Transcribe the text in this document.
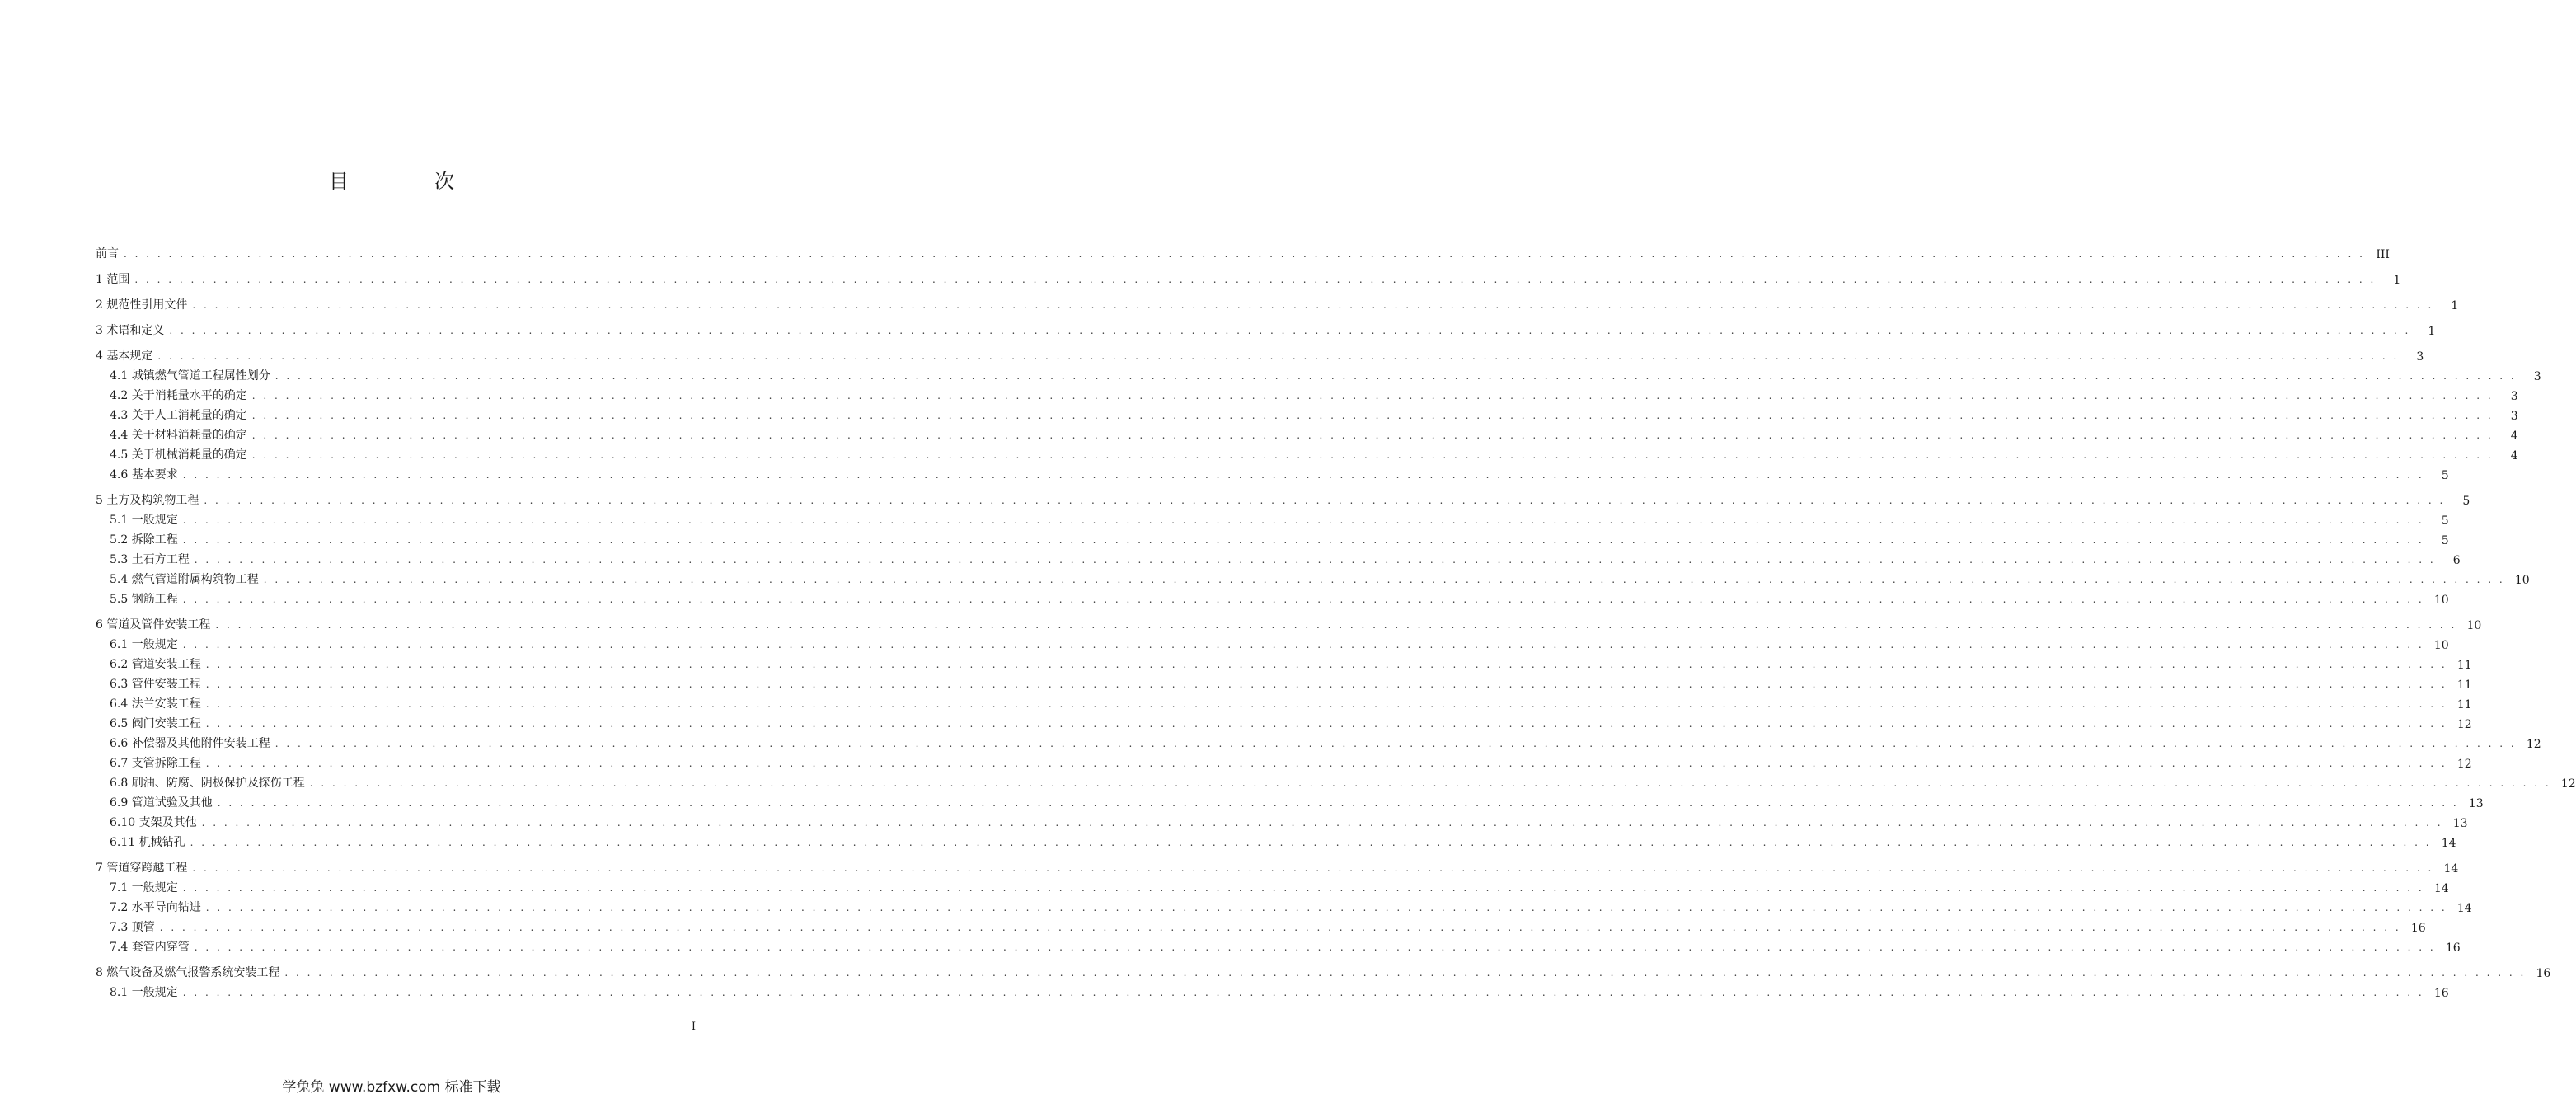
目　次
前言 . . . . . . . . . . . . . . . . . . . . . . . . . . . . . . . . . . . . . . . . . . . . . . . . . . . . . . . . . . . . . . . . . . . . . . . . . . . . . . . . . . . . . . . . . . . . . . . . . . . . . . . . . . . . . . . . . . . . . . . . . . . . . . . . . . . . . . . . . . . . . . . . . . . . . . . . . . . . . . . . . . . . . . . . . . . . . . . . . . . . . . . . . . . . . . . . . . . . . . . . III
1 范围 . . . . . . . . . . . . . . . . . . . . . . . . . . . . . . . . . . . . . . . . . . . . . . . . . . . . . . . . . . . . . . . . . . . . . . . . . . . . . . . . . . . . . . . . . . . . . . . . . . . . . . . . . . . . . . . . . . . . . . . . . . . . . . . . . . . . . . . . . . . . . . . . . . . . . . . . . . . . . . . . . . . . . . . . . . . . . . . . . . . . . . . . . . . . . . . . . . . . . . . .	1
2 规范性引用文件 . . . . . . . . . . . . . . . . . . . . . . . . . . . . . . . . . . . . . . . . . . . . . . . . . . . . . . . . . . . . . . . . . . . . . . . . . . . . . . . . . . . . . . . . . . . . . . . . . . . . . . . . . . . . . . . . . . . . . . . . . . . . . . . . . . . . . . . . . . . . . . . . . . . . . . . . . . . . . . . . . . . . . . . . . . . . . . . . . . . . . . . . . . . . . . . . . . . . . . . .	1
3 术语和定义 . . . . . . . . . . . . . . . . . . . . . . . . . . . . . . . . . . . . . . . . . . . . . . . . . . . . . . . . . . . . . . . . . . . . . . . . . . . . . . . . . . . . . . . . . . . . . . . . . . . . . . . . . . . . . . . . . . . . . . . . . . . . . . . . . . . . . . . . . . . . . . . . . . . . . . . . . . . . . . . . . . . . . . . . . . . . . . . . . . . . . . . . . . . . . . . . . . . . . . . .	1
4 基本规定 . . . . . . . . . . . . . . . . . . . . . . . . . . . . . . . . . . . . . . . . . . . . . . . . . . . . . . . . . . . . . . . . . . . . . . . . . . . . . . . . . . . . . . . . . . . . . . . . . . . . . . . . . . . . . . . . . . . . . . . . . . . . . . . . . . . . . . . . . . . . . . . . . . . . . . . . . . . . . . . . . . . . . . . . . . . . . . . . . . . . . . . . . . . . . . . . . . . . . . . .	3
4.1 城镇燃气管道工程属性划分 . . . . . . . . . . . . . . . . . . . . . . . . . . . . . . . . . . . . . . . . . . . . . . . . . . . . . . . . . . . . . . . . . . . . . . . . . . . . . . . . . . . . . . . . . . . . . . . . . . . . . . . . . . . . . . . . . . . . . . . . . . . . . . . . . . . . . . . . . . . . . . . . . . . . . . . . . . . . . . . . . . . . . . . . . . . . . . . . . . . . . . . . . . . . . . . . . . . . . . . .	3
4.2 关于消耗量水平的确定 . . . . . . . . . . . . . . . . . . . . . . . . . . . . . . . . . . . . . . . . . . . . . . . . . . . . . . . . . . . . . . . . . . . . . . . . . . . . . . . . . . . . . . . . . . . . . . . . . . . . . . . . . . . . . . . . . . . . . . . . . . . . . . . . . . . . . . . . . . . . . . . . . . . . . . . . . . . . . . . . . . . . . . . . . . . . . . . . . . . . . . . . . . . . . . . . . . . . . . . .	3
4.3 关于人工消耗量的确定 . . . . . . . . . . . . . . . . . . . . . . . . . . . . . . . . . . . . . . . . . . . . . . . . . . . . . . . . . . . . . . . . . . . . . . . . . . . . . . . . . . . . . . . . . . . . . . . . . . . . . . . . . . . . . . . . . . . . . . . . . . . . . . . . . . . . . . . . . . . . . . . . . . . . . . . . . . . . . . . . . . . . . . . . . . . . . . . . . . . . . . . . . . . . . . . . . . . . . . . .	3
4.4 关于材料消耗量的确定 . . . . . . . . . . . . . . . . . . . . . . . . . . . . . . . . . . . . . . . . . . . . . . . . . . . . . . . . . . . . . . . . . . . . . . . . . . . . . . . . . . . . . . . . . . . . . . . . . . . . . . . . . . . . . . . . . . . . . . . . . . . . . . . . . . . . . . . . . . . . . . . . . . . . . . . . . . . . . . . . . . . . . . . . . . . . . . . . . . . . . . . . . . . . . . . . . . . . . . . .	4
4.5 关于机械消耗量的确定 . . . . . . . . . . . . . . . . . . . . . . . . . . . . . . . . . . . . . . . . . . . . . . . . . . . . . . . . . . . . . . . . . . . . . . . . . . . . . . . . . . . . . . . . . . . . . . . . . . . . . . . . . . . . . . . . . . . . . . . . . . . . . . . . . . . . . . . . . . . . . . . . . . . . . . . . . . . . . . . . . . . . . . . . . . . . . . . . . . . . . . . . . . . . . . . . . . . . . . . .	4
4.6 基本要求 . . . . . . . . . . . . . . . . . . . . . . . . . . . . . . . . . . . . . . . . . . . . . . . . . . . . . . . . . . . . . . . . . . . . . . . . . . . . . . . . . . . . . . . . . . . . . . . . . . . . . . . . . . . . . . . . . . . . . . . . . . . . . . . . . . . . . . . . . . . . . . . . . . . . . . . . . . . . . . . . . . . . . . . . . . . . . . . . . . . . . . . . . . . . . . . . . . . . . . . .	5
5 土方及构筑物工程 . . . . . . . . . . . . . . . . . . . . . . . . . . . . . . . . . . . . . . . . . . . . . . . . . . . . . . . . . . . . . . . . . . . . . . . . . . . . . . . . . . . . . . . . . . . . . . . . . . . . . . . . . . . . . . . . . . . . . . . . . . . . . . . . . . . . . . . . . . . . . . . . . . . . . . . . . . . . . . . . . . . . . . . . . . . . . . . . . . . . . . . . . . . . . . . . . . . . . . . .	5
5.1 一般规定 . . . . . . . . . . . . . . . . . . . . . . . . . . . . . . . . . . . . . . . . . . . . . . . . . . . . . . . . . . . . . . . . . . . . . . . . . . . . . . . . . . . . . . . . . . . . . . . . . . . . . . . . . . . . . . . . . . . . . . . . . . . . . . . . . . . . . . . . . . . . . . . . . . . . . . . . . . . . . . . . . . . . . . . . . . . . . . . . . . . . . . . . . . . . . . . . . . . . . . . .	5
5.2 拆除工程 . . . . . . . . . . . . . . . . . . . . . . . . . . . . . . . . . . . . . . . . . . . . . . . . . . . . . . . . . . . . . . . . . . . . . . . . . . . . . . . . . . . . . . . . . . . . . . . . . . . . . . . . . . . . . . . . . . . . . . . . . . . . . . . . . . . . . . . . . . . . . . . . . . . . . . . . . . . . . . . . . . . . . . . . . . . . . . . . . . . . . . . . . . . . . . . . . . . . . . . .	5
5.3 土石方工程 . . . . . . . . . . . . . . . . . . . . . . . . . . . . . . . . . . . . . . . . . . . . . . . . . . . . . . . . . . . . . . . . . . . . . . . . . . . . . . . . . . . . . . . . . . . . . . . . . . . . . . . . . . . . . . . . . . . . . . . . . . . . . . . . . . . . . . . . . . . . . . . . . . . . . . . . . . . . . . . . . . . . . . . . . . . . . . . . . . . . . . . . . . . . . . . . . . . . . . . .	6
5.4 燃气管道附属构筑物工程 . . . . . . . . . . . . . . . . . . . . . . . . . . . . . . . . . . . . . . . . . . . . . . . . . . . . . . . . . . . . . . . . . . . . . . . . . . . . . . . . . . . . . . . . . . . . . . . . . . . . . . . . . . . . . . . . . . . . . . . . . . . . . . . . . . . . . . . . . . . . . . . . . . . . . . . . . . . . . . . . . . . . . . . . . . . . . . . . . . . . . . . . . . . . . . . . . . . . . . . . 10
5.5 钢筋工程 . . . . . . . . . . . . . . . . . . . . . . . . . . . . . . . . . . . . . . . . . . . . . . . . . . . . . . . . . . . . . . . . . . . . . . . . . . . . . . . . . . . . . . . . . . . . . . . . . . . . . . . . . . . . . . . . . . . . . . . . . . . . . . . . . . . . . . . . . . . . . . . . . . . . . . . . . . . . . . . . . . . . . . . . . . . . . . . . . . . . . . . . . . . . . . . . . . . . . . . . 10
6 管道及管件安装工程 . . . . . . . . . . . . . . . . . . . . . . . . . . . . . . . . . . . . . . . . . . . . . . . . . . . . . . . . . . . . . . . . . . . . . . . . . . . . . . . . . . . . . . . . . . . . . . . . . . . . . . . . . . . . . . . . . . . . . . . . . . . . . . . . . . . . . . . . . . . . . . . . . . . . . . . . . . . . . . . . . . . . . . . . . . . . . . . . . . . . . . . . . . . . . . . . . . . . . . . . 10
6.1 一般规定 . . . . . . . . . . . . . . . . . . . . . . . . . . . . . . . . . . . . . . . . . . . . . . . . . . . . . . . . . . . . . . . . . . . . . . . . . . . . . . . . . . . . . . . . . . . . . . . . . . . . . . . . . . . . . . . . . . . . . . . . . . . . . . . . . . . . . . . . . . . . . . . . . . . . . . . . . . . . . . . . . . . . . . . . . . . . . . . . . . . . . . . . . . . . . . . . . . . . . . . . 10
6.2 管道安装工程 . . . . . . . . . . . . . . . . . . . . . . . . . . . . . . . . . . . . . . . . . . . . . . . . . . . . . . . . . . . . . . . . . . . . . . . . . . . . . . . . . . . . . . . . . . . . . . . . . . . . . . . . . . . . . . . . . . . . . . . . . . . . . . . . . . . . . . . . . . . . . . . . . . . . . . . . . . . . . . . . . . . . . . . . . . . . . . . . . . . . . . . . . . . . . . . . . . . . . . . . 11
6.3 管件安装工程 . . . . . . . . . . . . . . . . . . . . . . . . . . . . . . . . . . . . . . . . . . . . . . . . . . . . . . . . . . . . . . . . . . . . . . . . . . . . . . . . . . . . . . . . . . . . . . . . . . . . . . . . . . . . . . . . . . . . . . . . . . . . . . . . . . . . . . . . . . . . . . . . . . . . . . . . . . . . . . . . . . . . . . . . . . . . . . . . . . . . . . . . . . . . . . . . . . . . . . . . 11
6.4 法兰安装工程 . . . . . . . . . . . . . . . . . . . . . . . . . . . . . . . . . . . . . . . . . . . . . . . . . . . . . . . . . . . . . . . . . . . . . . . . . . . . . . . . . . . . . . . . . . . . . . . . . . . . . . . . . . . . . . . . . . . . . . . . . . . . . . . . . . . . . . . . . . . . . . . . . . . . . . . . . . . . . . . . . . . . . . . . . . . . . . . . . . . . . . . . . . . . . . . . . . . . . . . . 11
6.5 阀门安装工程 . . . . . . . . . . . . . . . . . . . . . . . . . . . . . . . . . . . . . . . . . . . . . . . . . . . . . . . . . . . . . . . . . . . . . . . . . . . . . . . . . . . . . . . . . . . . . . . . . . . . . . . . . . . . . . . . . . . . . . . . . . . . . . . . . . . . . . . . . . . . . . . . . . . . . . . . . . . . . . . . . . . . . . . . . . . . . . . . . . . . . . . . . . . . . . . . . . . . . . . . 12
6.6 补偿器及其他附件安装工程 . . . . . . . . . . . . . . . . . . . . . . . . . . . . . . . . . . . . . . . . . . . . . . . . . . . . . . . . . . . . . . . . . . . . . . . . . . . . . . . . . . . . . . . . . . . . . . . . . . . . . . . . . . . . . . . . . . . . . . . . . . . . . . . . . . . . . . . . . . . . . . . . . . . . . . . . . . . . . . . . . . . . . . . . . . . . . . . . . . . . . . . . . . . . . . . . . . . . . . . . 12
6.7 支管拆除工程 . . . . . . . . . . . . . . . . . . . . . . . . . . . . . . . . . . . . . . . . . . . . . . . . . . . . . . . . . . . . . . . . . . . . . . . . . . . . . . . . . . . . . . . . . . . . . . . . . . . . . . . . . . . . . . . . . . . . . . . . . . . . . . . . . . . . . . . . . . . . . . . . . . . . . . . . . . . . . . . . . . . . . . . . . . . . . . . . . . . . . . . . . . . . . . . . . . . . . . . . 12
6.8 刷油、防腐、阴极保护及探伤工程 . . . . . . . . . . . . . . . . . . . . . . . . . . . . . . . . . . . . . . . . . . . . . . . . . . . . . . . . . . . . . . . . . . . . . . . . . . . . . . . . . . . . . . . . . . . . . . . . . . . . . . . . . . . . . . . . . . . . . . . . . . . . . . . . . . . . . . . . . . . . . . . . . . . . . . . . . . . . . . . . . . . . . . . . . . . . . . . . . . . . . . . . . . . . . . . . . . . . . . . . 12
6.9 管道试验及其他 . . . . . . . . . . . . . . . . . . . . . . . . . . . . . . . . . . . . . . . . . . . . . . . . . . . . . . . . . . . . . . . . . . . . . . . . . . . . . . . . . . . . . . . . . . . . . . . . . . . . . . . . . . . . . . . . . . . . . . . . . . . . . . . . . . . . . . . . . . . . . . . . . . . . . . . . . . . . . . . . . . . . . . . . . . . . . . . . . . . . . . . . . . . . . . . . . . . . . . . . 13
6.10 支架及其他 . . . . . . . . . . . . . . . . . . . . . . . . . . . . . . . . . . . . . . . . . . . . . . . . . . . . . . . . . . . . . . . . . . . . . . . . . . . . . . . . . . . . . . . . . . . . . . . . . . . . . . . . . . . . . . . . . . . . . . . . . . . . . . . . . . . . . . . . . . . . . . . . . . . . . . . . . . . . . . . . . . . . . . . . . . . . . . . . . . . . . . . . . . . . . . . . . . . . . . . . 13
6.11 机械钻孔 . . . . . . . . . . . . . . . . . . . . . . . . . . . . . . . . . . . . . . . . . . . . . . . . . . . . . . . . . . . . . . . . . . . . . . . . . . . . . . . . . . . . . . . . . . . . . . . . . . . . . . . . . . . . . . . . . . . . . . . . . . . . . . . . . . . . . . . . . . . . . . . . . . . . . . . . . . . . . . . . . . . . . . . . . . . . . . . . . . . . . . . . . . . . . . . . . . . . . . . . 14
7 管道穿跨越工程 . . . . . . . . . . . . . . . . . . . . . . . . . . . . . . . . . . . . . . . . . . . . . . . . . . . . . . . . . . . . . . . . . . . . . . . . . . . . . . . . . . . . . . . . . . . . . . . . . . . . . . . . . . . . . . . . . . . . . . . . . . . . . . . . . . . . . . . . . . . . . . . . . . . . . . . . . . . . . . . . . . . . . . . . . . . . . . . . . . . . . . . . . . . . . . . . . . . . . . . . 14
7.1 一般规定 . . . . . . . . . . . . . . . . . . . . . . . . . . . . . . . . . . . . . . . . . . . . . . . . . . . . . . . . . . . . . . . . . . . . . . . . . . . . . . . . . . . . . . . . . . . . . . . . . . . . . . . . . . . . . . . . . . . . . . . . . . . . . . . . . . . . . . . . . . . . . . . . . . . . . . . . . . . . . . . . . . . . . . . . . . . . . . . . . . . . . . . . . . . . . . . . . . . . . . . . 14
7.2 水平导向钻进 . . . . . . . . . . . . . . . . . . . . . . . . . . . . . . . . . . . . . . . . . . . . . . . . . . . . . . . . . . . . . . . . . . . . . . . . . . . . . . . . . . . . . . . . . . . . . . . . . . . . . . . . . . . . . . . . . . . . . . . . . . . . . . . . . . . . . . . . . . . . . . . . . . . . . . . . . . . . . . . . . . . . . . . . . . . . . . . . . . . . . . . . . . . . . . . . . . . . . . . . 14
7.3 顶管 . . . . . . . . . . . . . . . . . . . . . . . . . . . . . . . . . . . . . . . . . . . . . . . . . . . . . . . . . . . . . . . . . . . . . . . . . . . . . . . . . . . . . . . . . . . . . . . . . . . . . . . . . . . . . . . . . . . . . . . . . . . . . . . . . . . . . . . . . . . . . . . . . . . . . . . . . . . . . . . . . . . . . . . . . . . . . . . . . . . . . . . . . . . . . . . . . . . . . . . . 16
7.4 套管内穿管 . . . . . . . . . . . . . . . . . . . . . . . . . . . . . . . . . . . . . . . . . . . . . . . . . . . . . . . . . . . . . . . . . . . . . . . . . . . . . . . . . . . . . . . . . . . . . . . . . . . . . . . . . . . . . . . . . . . . . . . . . . . . . . . . . . . . . . . . . . . . . . . . . . . . . . . . . . . . . . . . . . . . . . . . . . . . . . . . . . . . . . . . . . . . . . . . . . . . . . . . 16
8 燃气设备及燃气报警系统安装工程 . . . . . . . . . . . . . . . . . . . . . . . . . . . . . . . . . . . . . . . . . . . . . . . . . . . . . . . . . . . . . . . . . . . . . . . . . . . . . . . . . . . . . . . . . . . . . . . . . . . . . . . . . . . . . . . . . . . . . . . . . . . . . . . . . . . . . . . . . . . . . . . . . . . . . . . . . . . . . . . . . . . . . . . . . . . . . . . . . . . . . . . . . . . . . . . . . . . . . . . . 16
8.1 一般规定 . . . . . . . . . . . . . . . . . . . . . . . . . . . . . . . . . . . . . . . . . . . . . . . . . . . . . . . . . . . . . . . . . . . . . . . . . . . . . . . . . . . . . . . . . . . . . . . . . . . . . . . . . . . . . . . . . . . . . . . . . . . . . . . . . . . . . . . . . . . . . . . . . . . . . . . . . . . . . . . . . . . . . . . . . . . . . . . . . . . . . . . . . . . . . . . . . . . . . . . . 16
I
学兔兔 www.bzfxw.com 标准下载
